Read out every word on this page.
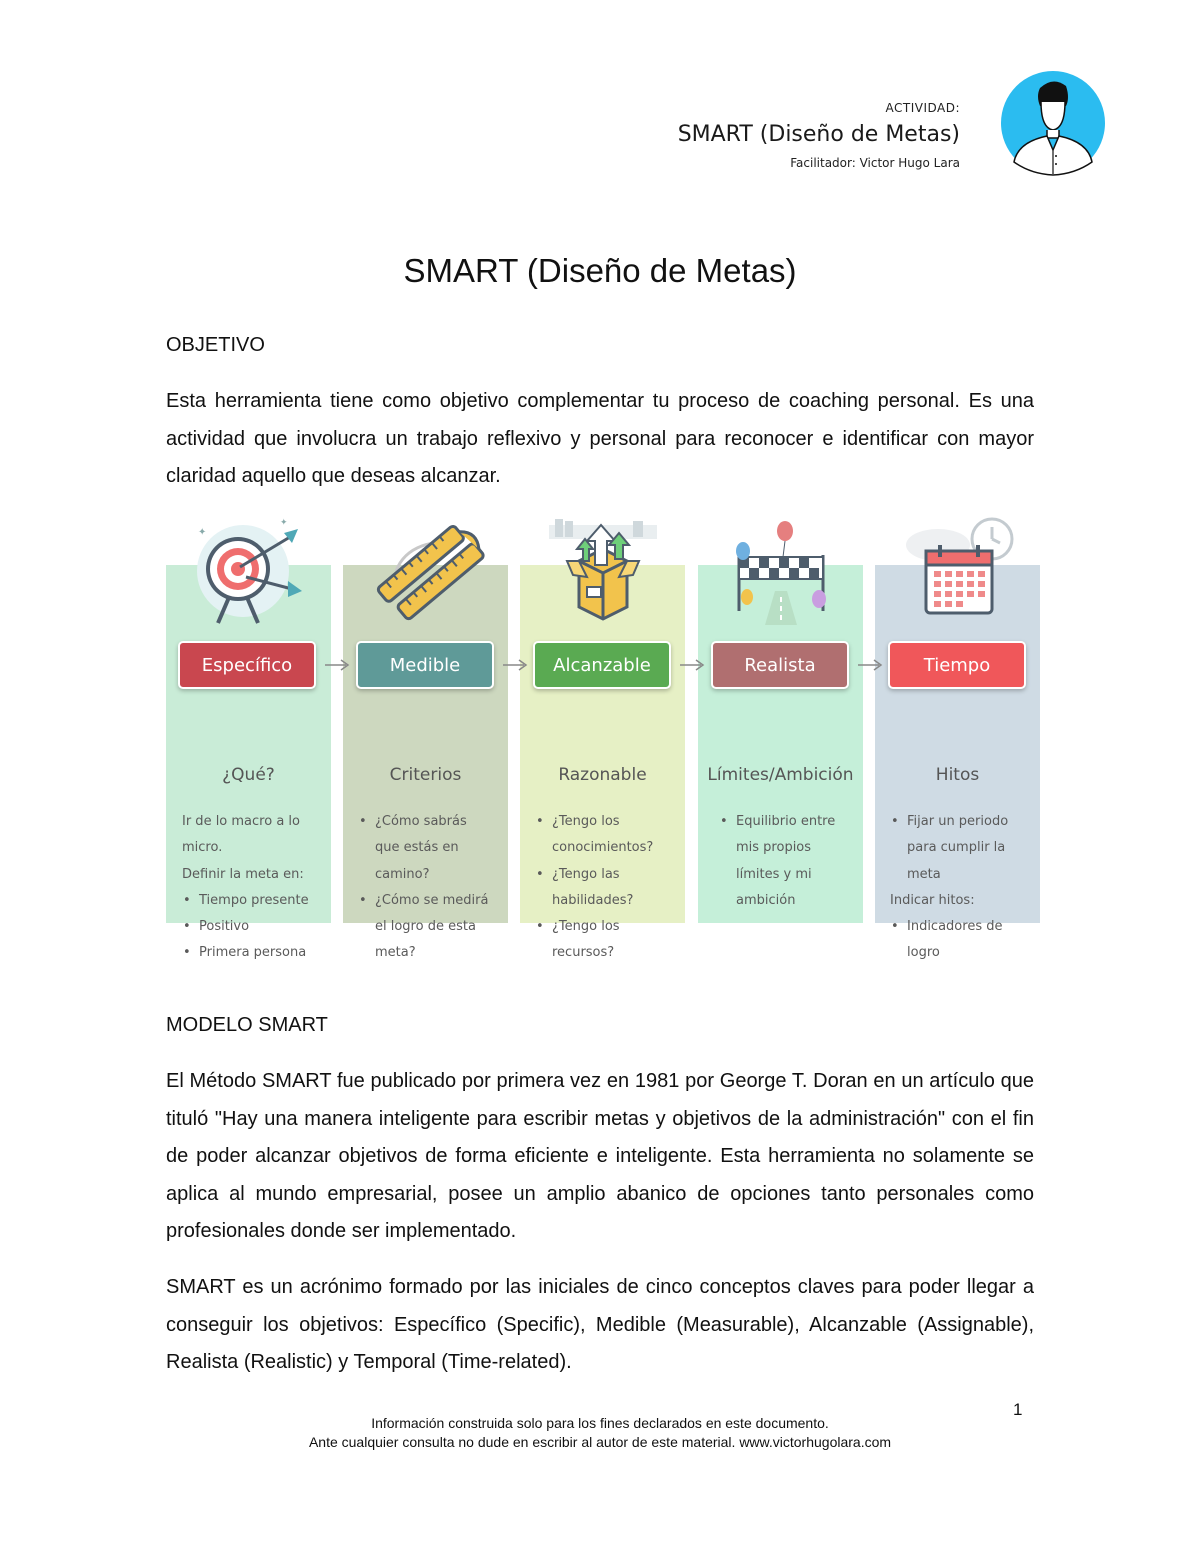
ACTIVIDAD:
SMART (Diseño de Metas)
Facilitador: Victor Hugo Lara
SMART (Diseño de Metas)
OBJETIVO
Esta herramienta tiene como objetivo complementar tu proceso de coaching personal. Es una actividad que involucra un trabajo reflexivo y personal para reconocer e identificar con mayor claridad aquello que deseas alcanzar.
¿Qué?
Ir de lo macro a lo
micro.
Definir la meta en:
• Tiempo presente
• Positivo
• Primera persona
Criterios
• ¿Cómo sabrás
que estás en
camino?
• ¿Cómo se medirá
el logro de esta
meta?
Razonable
• ¿Tengo los
conocimientos?
• ¿Tengo las
habilidades?
• ¿Tengo los
recursos?
Límites/Ambición
• Equilibrio entre
mis propios
límites y mi
ambición
Hitos
• Fijar un periodo
para cumplir la
meta
Indicar hitos:
• Indicadores de
logro
✦
✦
Específico	Medible	Alcanzable	Realista	Tiempo
MODELO SMART
El Método SMART fue publicado por primera vez en 1981 por George T. Doran en un artículo que tituló "Hay una manera inteligente para escribir metas y objetivos de la administración" con el fin de poder alcanzar objetivos de forma eficiente e inteligente. Esta herramienta no solamente se aplica al mundo empresarial, posee un amplio abanico de opciones tanto personales como profesionales donde ser implementado.
SMART es un acrónimo formado por las iniciales de cinco conceptos claves para poder llegar a conseguir los objetivos: Específico (Specific), Medible (Measurable), Alcanzable (Assignable), Realista (Realistic) y Temporal (Time-related).
1
Información construida solo para los fines declarados en este documento.
Ante cualquier consulta no dude en escribir al autor de este material. www.victorhugolara.com
